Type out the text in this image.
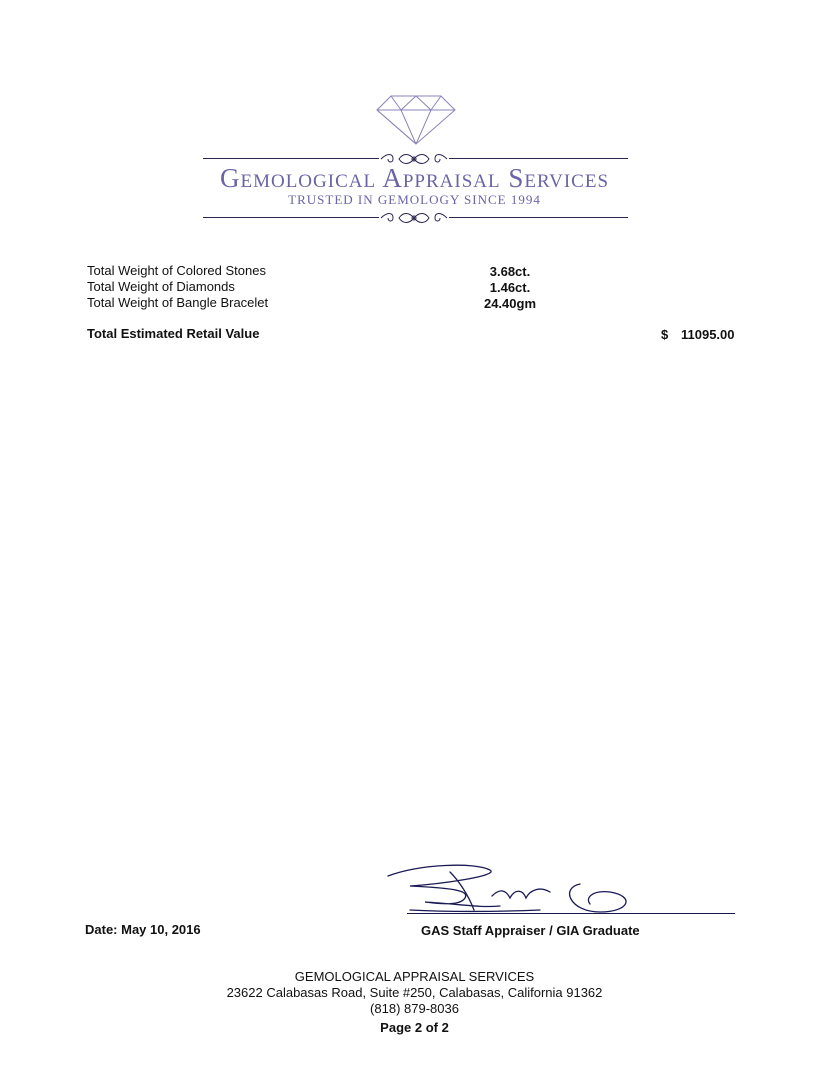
Gemological Appraisal Services
TRUSTED IN GEMOLOGY SINCE 1994
Total Weight of Colored Stones	3.68ct.
Total Weight of Diamonds	1.46ct.
Total Weight of Bangle Bracelet	24.40gm
Total Estimated Retail Value	$ 11095.00
Date: May 10, 2016	GAS Staff Appraiser / GIA Graduate
GEMOLOGICAL APPRAISAL SERVICES
23622 Calabasas Road, Suite #250, Calabasas, California 91362
(818) 879-8036
Page 2 of 2
